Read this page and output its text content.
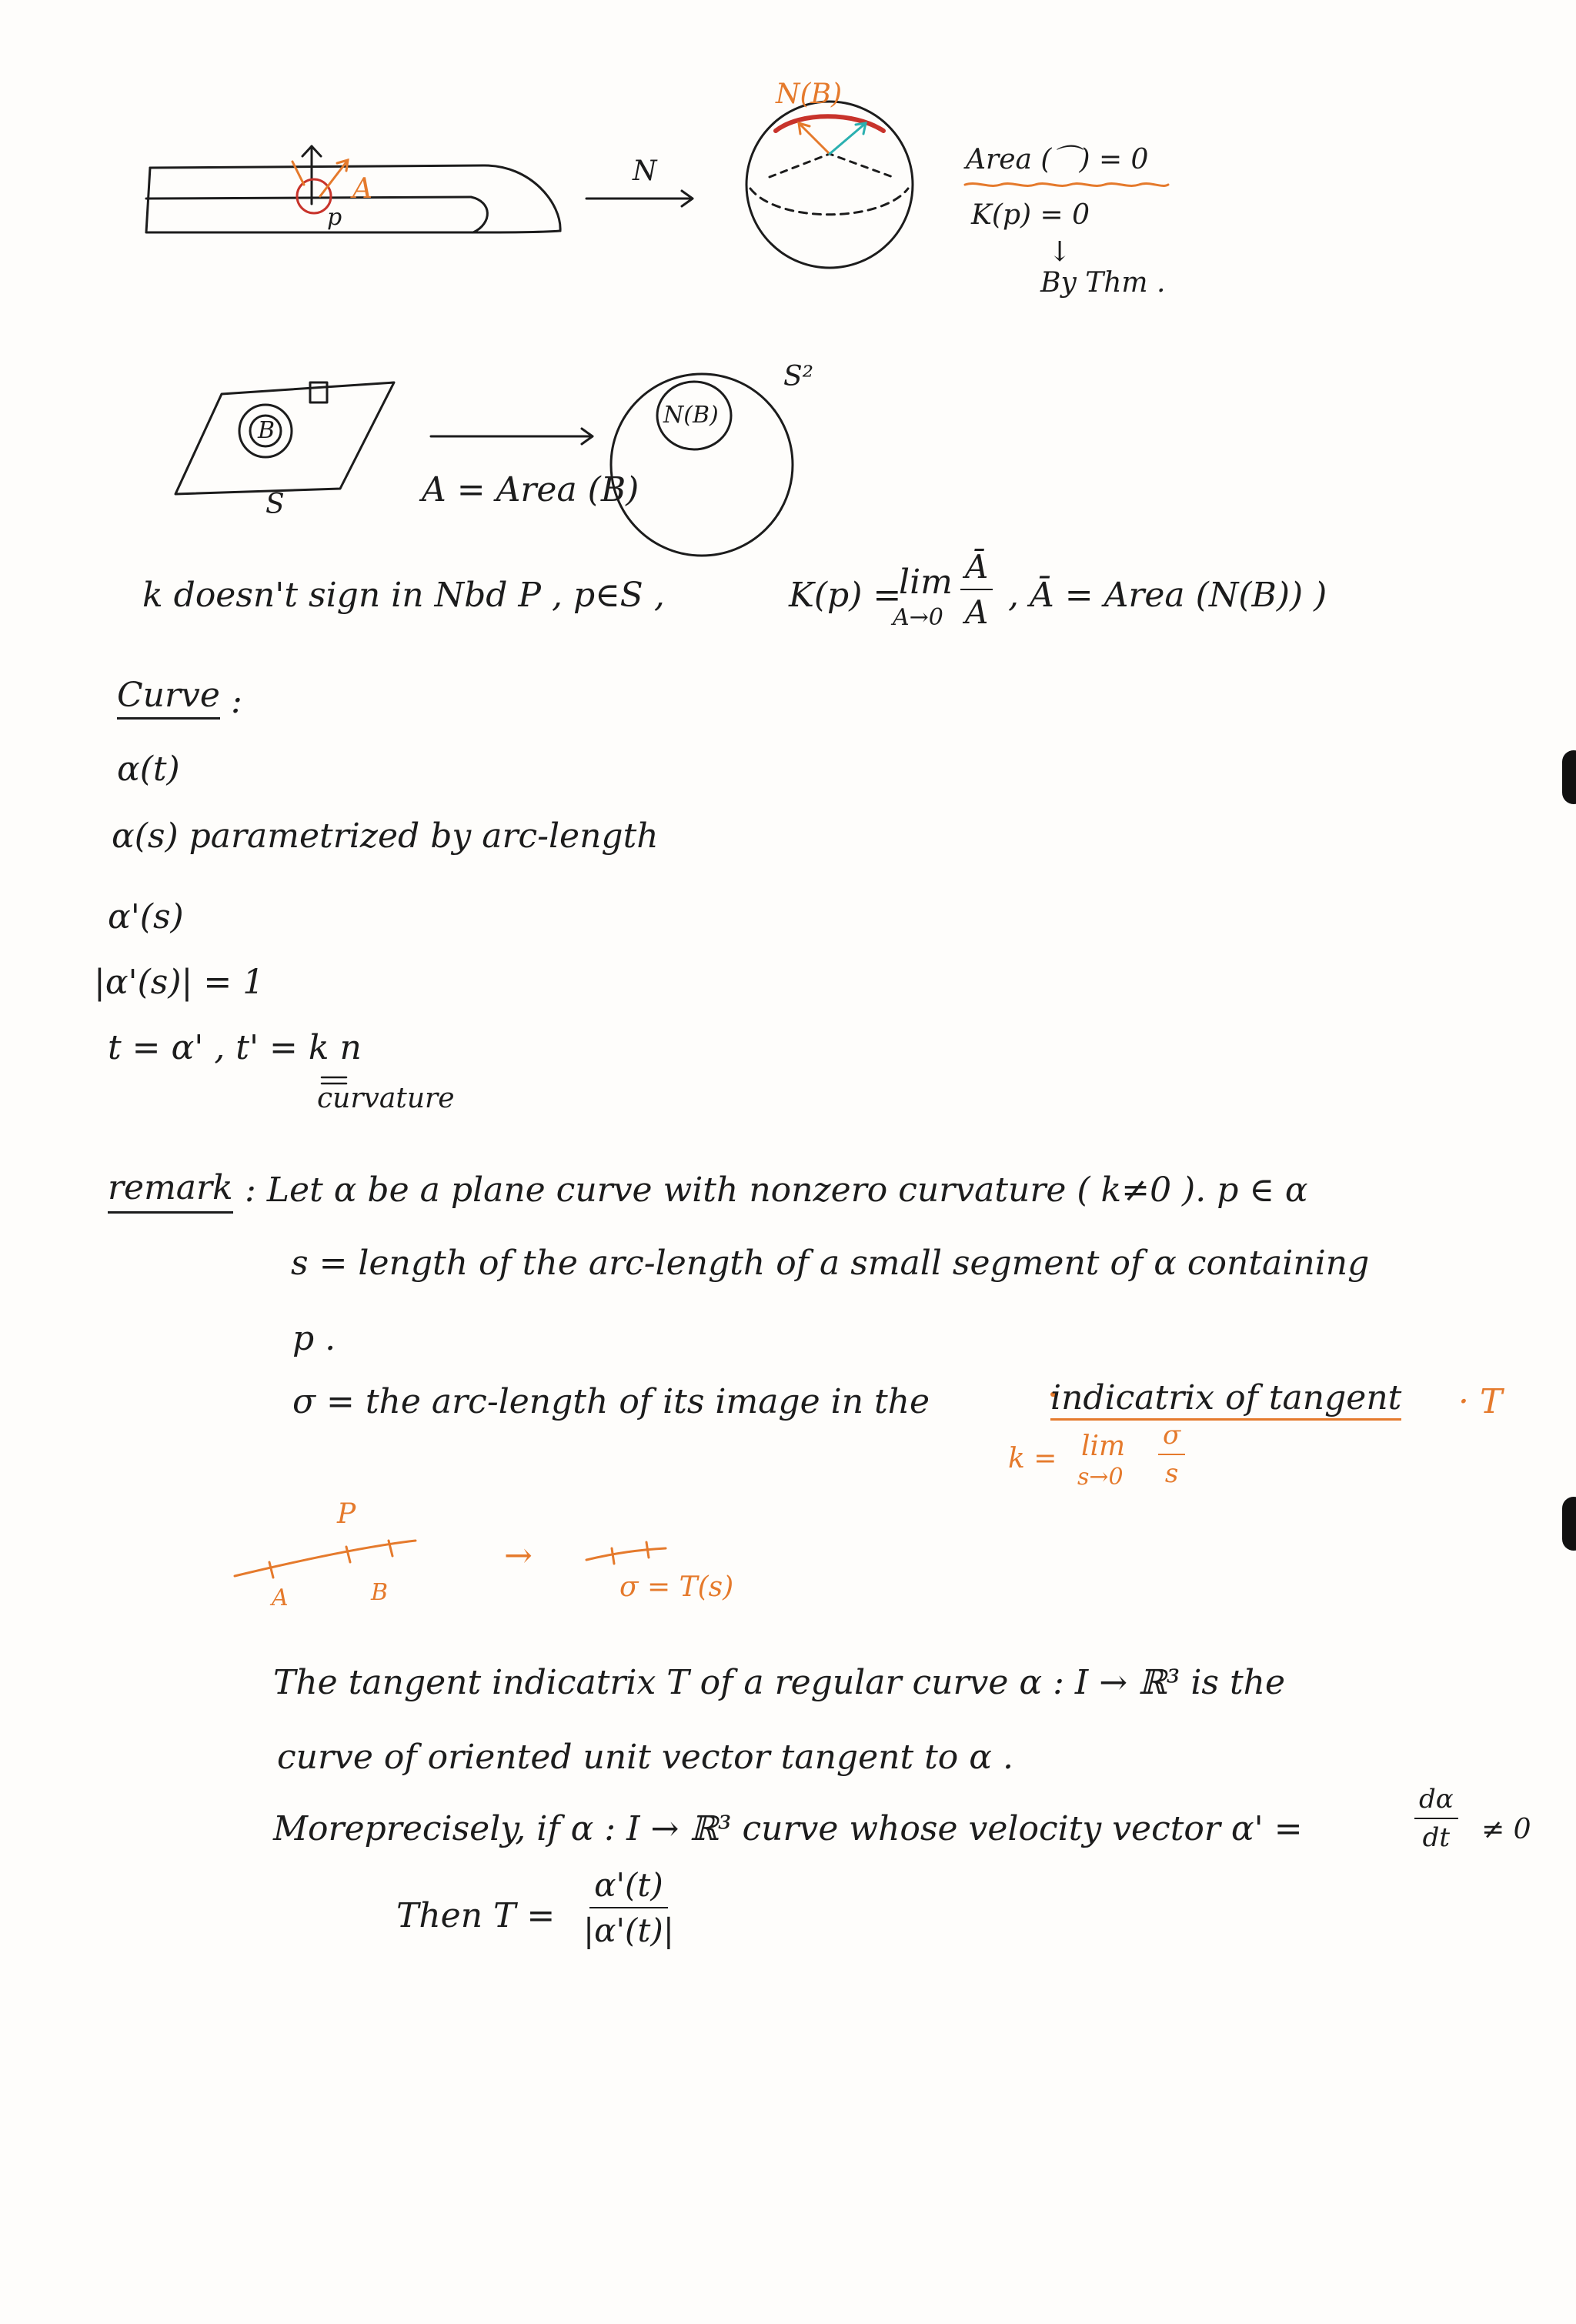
A
p
N
N(B)
Area (⌒) = 0
K(p) = 0
↓
By Thm .
B
S	A = Area (B)
S²
N(B)
k doesn't sign in Nbd P , p∈S ,	K(p) =
lim
$A\to 0 \frac{Ā}{A}$ , Ā = Area (N(B)) )
Curve :
α(t)
α(s) parametrized by arc-length
α'(s)
|α'(s)| = 1
t = α' , t' = k n
curvature
remark : Let α be a plane curve with nonzero curvature ( k≠0 ). p ∈ α
s = length of the arc-length of a small segment of α containing
p .
σ = the arc-length of its image in the	indicatrix of tangent · T
k = lim
$s\to 0 \frac{\sigma}{s}$
P
A	B
→
σ = T(s)
The tangent indicatrix T of a regular curve α : I → ℝ³ is the
curve of oriented unit vector tangent to α .
Moreprecisely, if α : I → ℝ³ curve whose velocity vector α' =	$\frac{d\alpha}{dt} \ne 0$
Then $T = \frac{\alpha'(t)}{|\alpha'(t)|}$
